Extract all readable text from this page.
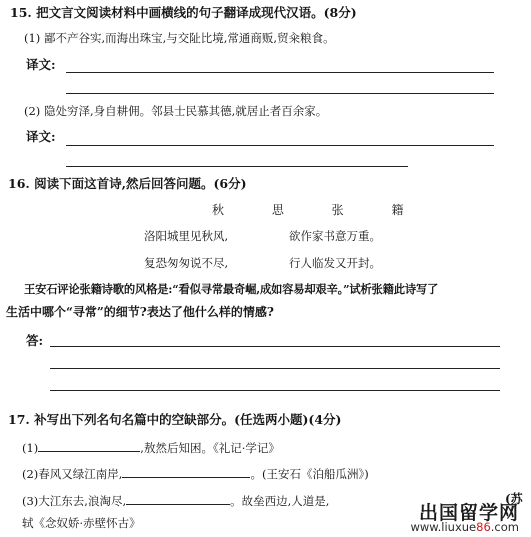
15. 把文言文阅读材料中画横线的句子翻译成现代汉语。(8分)
(1) 鄙不产谷实,而海出珠宝,与交阯比境,常通商贩,贸籴粮食。
译文:
(2) 隐处穷泽,身自耕佣。邻县士民慕其德,就居止者百余家。
译文:
16. 阅读下面这首诗,然后回答问题。(6分)
秋 思 张 籍
洛阳城里见秋风,	欲作家书意万重。
复恐匆匆说不尽,	行人临发又开封。
王安石评论张籍诗歌的风格是:“看似寻常最奇崛,成如容易却艰辛。”试析张籍此诗写了
生活中哪个“寻常”的细节?表达了他什么样的情感?
答:
17. 补写出下列名句名篇中的空缺部分。(任选两小题)(4分)
(1)	,敖然后知困。《礼记·学记》
(2)春风又绿江南岸,	。(王安石《泊船瓜洲》)
(3)大江东去,浪淘尽,	。故垒西边,人道是,	(苏
轼《念奴娇·赤壁怀古》	出国留学网
www.liuxue86.com
